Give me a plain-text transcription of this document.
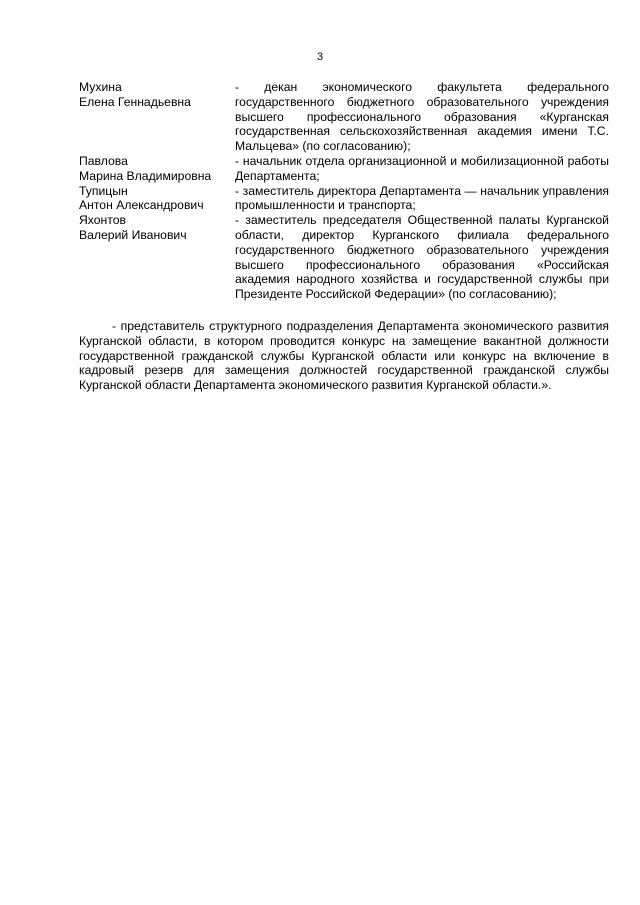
3
Мухина
Елена Геннадьевна
- декан экономического факультета федерального государственного бюджетного образовательного учреждения высшего профессионального образования «Курганская государственная сельскохозяйственная академия имени Т.С. Мальцева» (по согласованию);
Павлова
Марина Владимировна
- начальник отдела организационной и мобилизационной работы Департамента;
Тупицын
Антон Александрович
- заместитель директора Департамента — начальник управления промышленности и транспорта;
Яхонтов
Валерий Иванович
- заместитель председателя Общественной палаты Курганской области, директор Курганского филиала федерального государственного бюджетного образовательного учреждения высшего профессионального образования «Российская академия народного хозяйства и государственной службы при Президенте Российской Федерации» (по согласованию);

- представитель структурного подразделения Департамента экономического развития Курганской области, в котором проводится конкурс на замещение вакантной должности государственной гражданской службы Курганской области или конкурс на включение в кадровый резерв для замещения должностей государственной гражданской службы Курганской области Департамента экономического развития Курганской области.».
